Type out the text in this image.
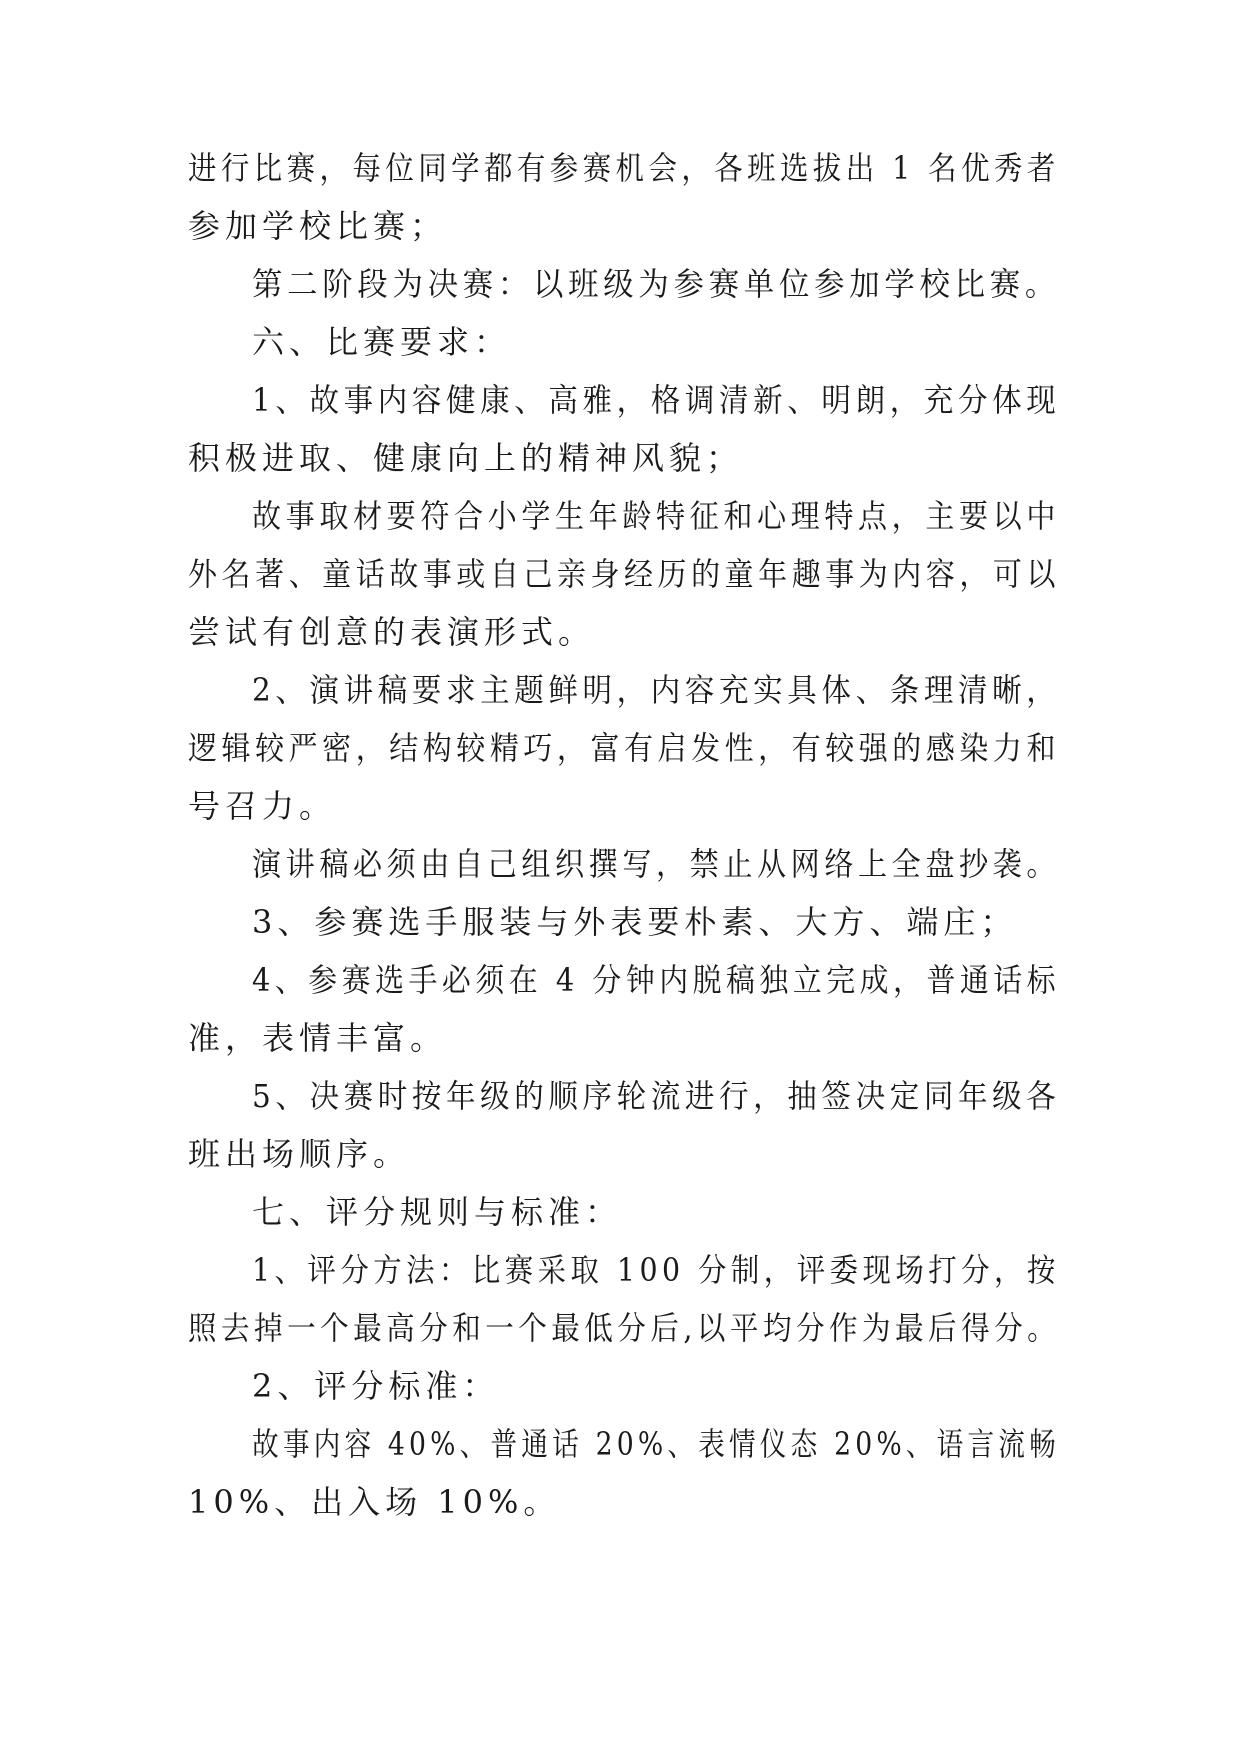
进行比赛，每位同学都有参赛机会，各班选拔出 1 名优秀者
参加学校比赛；
第二阶段为决赛：以班级为参赛单位参加学校比赛。
六、比赛要求：
1、故事内容健康、高雅，格调清新、明朗，充分体现
积极进取、健康向上的精神风貌；
故事取材要符合小学生年龄特征和心理特点，主要以中
外名著、童话故事或自己亲身经历的童年趣事为内容，可以
尝试有创意的表演形式。
2、演讲稿要求主题鲜明，内容充实具体、条理清晰，
逻辑较严密，结构较精巧，富有启发性，有较强的感染力和
号召力。
演讲稿必须由自己组织撰写，禁止从网络上全盘抄袭。
3、参赛选手服装与外表要朴素、大方、端庄；
4、参赛选手必须在 4 分钟内脱稿独立完成，普通话标
准，表情丰富。
5、决赛时按年级的顺序轮流进行，抽签决定同年级各
班出场顺序。
七、评分规则与标准：
1、评分方法：比赛采取 100 分制，评委现场打分，按
照去掉一个最高分和一个最低分后,以平均分作为最后得分。
2、评分标准：
故事内容 40%、普通话 20%、表情仪态 20%、语言流畅
10%、出入场 10%。
